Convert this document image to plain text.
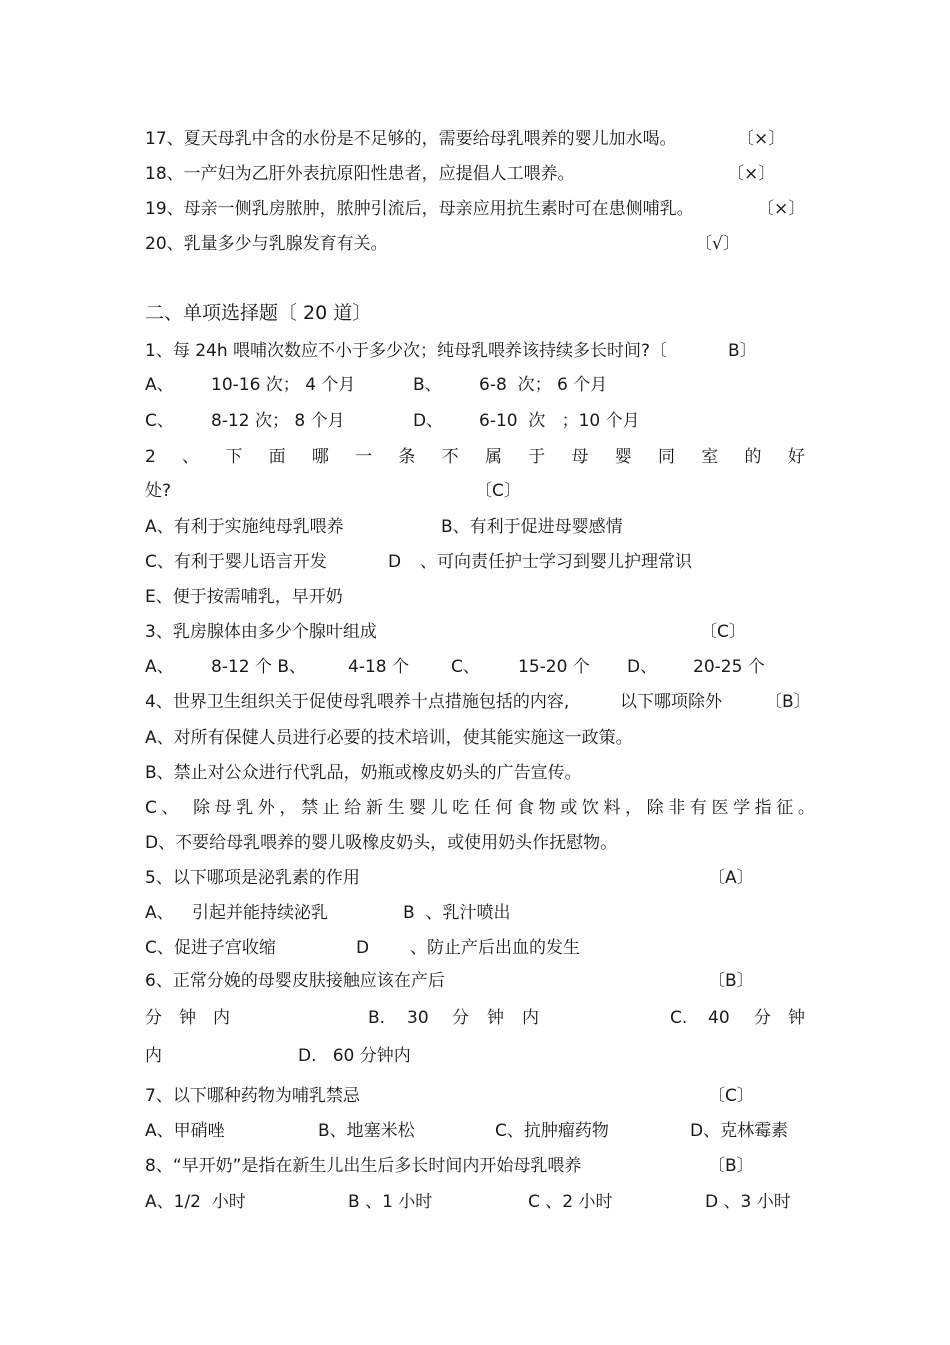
17、夏天母乳中含的水份是不足够的，需要给母乳喂养的婴儿加水喝。	〔×〕
18、一产妇为乙肝外表抗原阳性患者，应提倡人工喂养。	〔×〕
19、母亲一侧乳房脓肿，脓肿引流后，母亲应用抗生素时可在患侧哺乳。	〔×〕
20、乳量多少与乳腺发育有关。	〔√〕
二、单项选择题〔 20 道〕
1、每 24h 喂哺次数应不小于多少次；纯母乳喂养该持续多长时间?〔	B〕
A、 10-16 次； 4 个月	B、 6-8  次； 6 个月
C、 8-12 次； 8 个月	D、 6-10  次   ；10 个月
2 、 下 面 哪 一 条 不 属 于 母 婴 同 室 的 好
处?	〔C〕
A、有利于实施纯母乳喂养	B、有利于促进母婴感情
C、有利于婴儿语言开发	D 、可向责任护士学习到婴儿护理常识
E、便于按需哺乳，早开奶
3、乳房腺体由多少个腺叶组成	〔C〕
A、 8-12 个 B、 4-18 个 C、 15-20 个 D、 20-25 个
4、世界卫生组织关于促使母乳喂养十点措施包括的内容,	以下哪项除外	〔B〕
A、对所有保健人员进行必要的技术培训，使其能实施这一政策。
B、禁止对公众进行代乳品，奶瓶或橡皮奶头的广告宣传。
C、 除母乳外，禁止给新生婴儿吃任何食物或饮料，除非有医学指征。
D、不要给母乳喂养的婴儿吸橡皮奶头，或使用奶头作抚慰物。
5、以下哪项是泌乳素的作用	〔A〕
A、 引起并能持续泌乳	B  、乳汁喷出
C、促进子宫收缩	D 、防止产后出血的发生
6、正常分娩的母婴皮肤接触应该在产后	〔B〕
分 钟 内	B. 30 分 钟 内	C. 40 分 钟
内	D.   60 分钟内
7、以下哪种药物为哺乳禁忌	〔C〕
A、甲硝唑	B、地塞米松	C、抗肿瘤药物	D、克林霉素
8、“早开奶”是指在新生儿出生后多长时间内开始母乳喂养	〔B〕
A、1/2  小时	B 、1 小时	C 、2 小时	D 、3 小时
